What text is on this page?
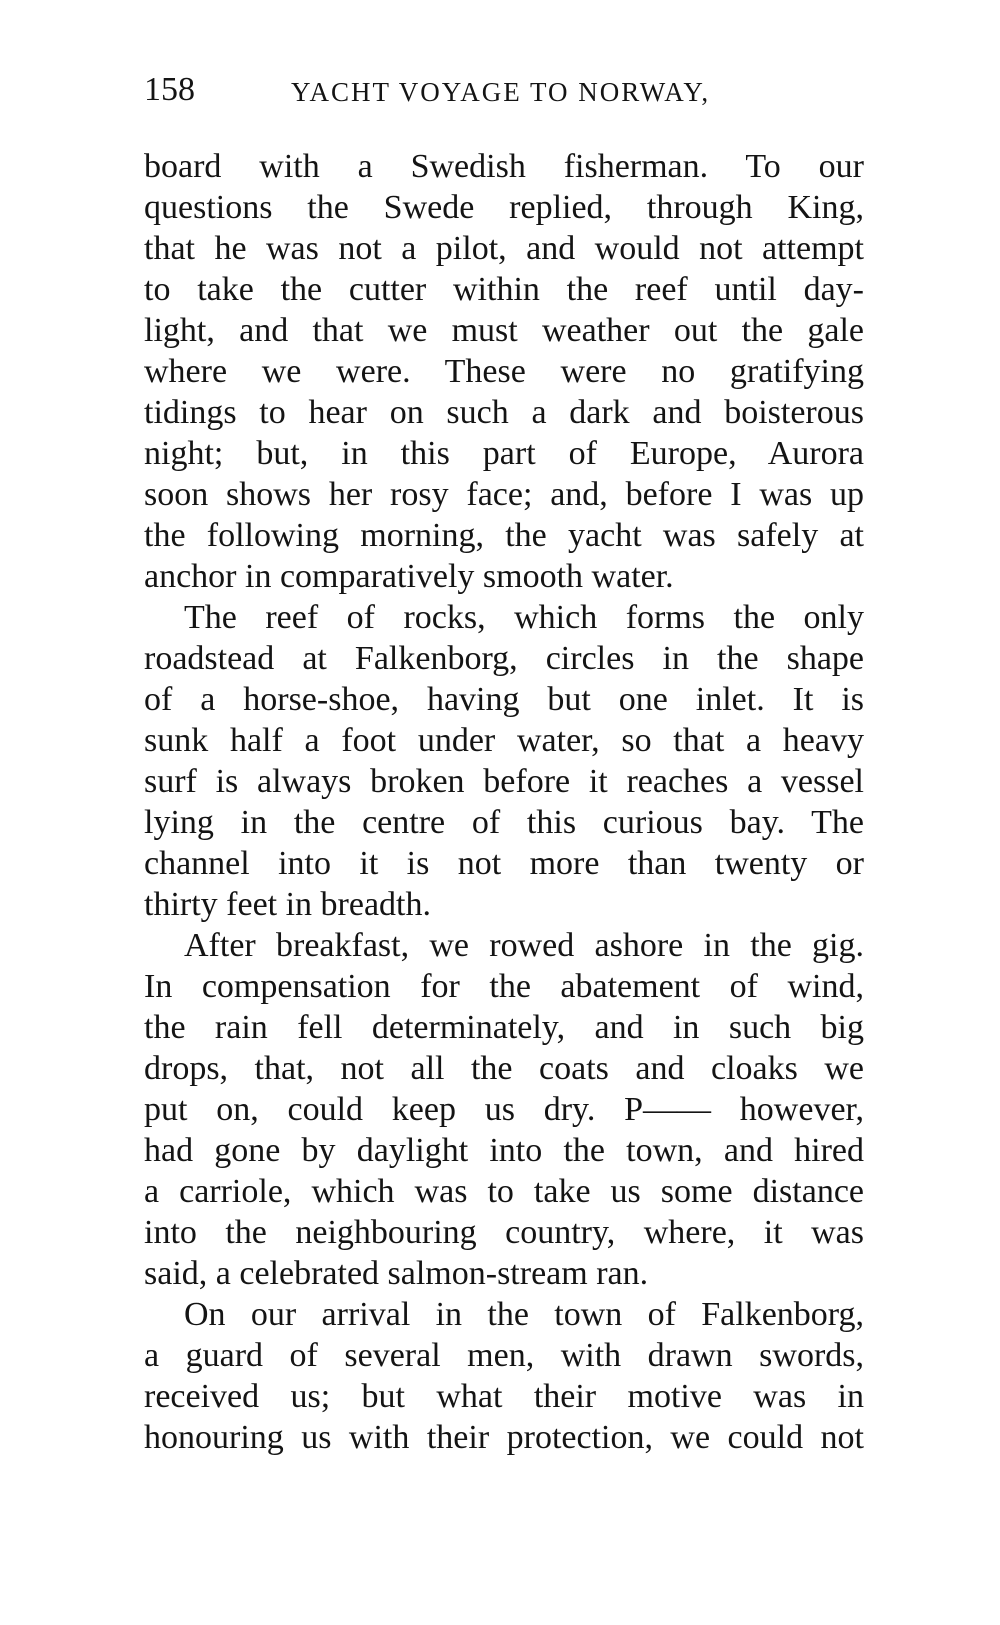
158	YACHT VOYAGE TO NORWAY,
board with a Swedish fisherman. To our
questions the Swede replied, through King,
that he was not a pilot, and would not attempt
to take the cutter within the reef until day-
light, and that we must weather out the gale
where we were. These were no gratifying
tidings to hear on such a dark and boisterous
night; but, in this part of Europe, Aurora
soon shows her rosy face; and, before I was up
the following morning, the yacht was safely at
anchor in comparatively smooth water.
The reef of rocks, which forms the only
roadstead at Falkenborg, circles in the shape
of a horse-shoe, having but one inlet. It is
sunk half a foot under water, so that a heavy
surf is always broken before it reaches a vessel
lying in the centre of this curious bay. The
channel into it is not more than twenty or
thirty feet in breadth.
After breakfast, we rowed ashore in the gig.
In compensation for the abatement of wind,
the rain fell determinately, and in such big
drops, that, not all the coats and cloaks we
put on, could keep us dry. P—— however,
had gone by daylight into the town, and hired
a carriole, which was to take us some distance
into the neighbouring country, where, it was
said, a celebrated salmon-stream ran.
On our arrival in the town of Falkenborg,
a guard of several men, with drawn swords,
received us; but what their motive was in
honouring us with their protection, we could not
